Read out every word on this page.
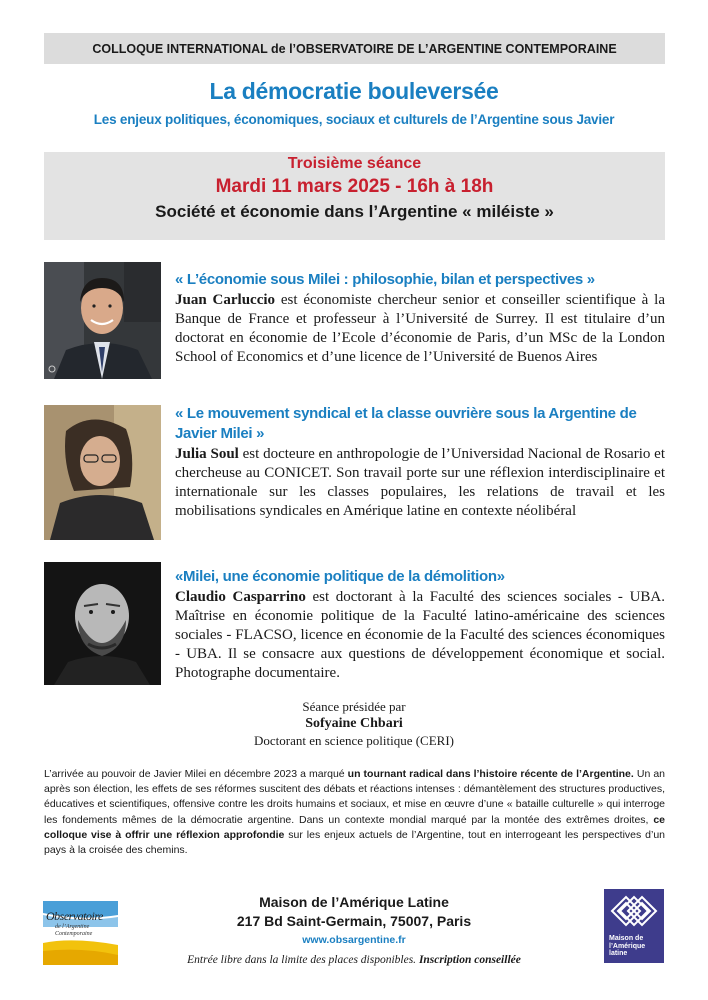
COLLOQUE INTERNATIONAL de l’OBSERVATOIRE DE L’ARGENTINE CONTEMPORAINE
La démocratie bouleversée
Les enjeux politiques, économiques, sociaux et culturels de l’Argentine sous Javier
Troisième séance
Mardi 11 mars 2025 - 16h à 18h
Société et économie dans l’Argentine « miléiste »
« L’économie sous Milei : philosophie, bilan et perspectives »
Juan Carluccio est économiste chercheur senior et conseiller scientifique à la Banque de France et professeur à l’Université de Surrey. Il est titulaire d’un doctorat en économie de l’Ecole d’économie de Paris, d’un MSc de la London School of Economics et d’une licence de l’Université de Buenos Aires
« Le mouvement syndical et la classe ouvrière sous la Argentine de Javier Milei »
Julia Soul est docteure en anthropologie de l’Universidad Nacional de Rosario et chercheuse au CONICET. Son travail porte sur une réflexion interdisciplinaire et internationale sur les classes populaires, les relations de travail et les mobilisations syndicales en Amérique latine en contexte néolibéral
«Milei, une économie politique de la démolition»
Claudio Casparrino est doctorant à la Faculté des sciences sociales - UBA. Maîtrise en économie politique de la Faculté latino-américaine des sciences sociales - FLACSO, licence en économie de la Faculté des sciences économiques - UBA. Il se consacre aux questions de développement économique et social. Photographe documentaire.
Séance présidée par
Sofyaine Chbari
Doctorant en science politique (CERI)
L’arrivée au pouvoir de Javier Milei en décembre 2023 a marqué un tournant radical dans l’histoire récente de l’Argentine. Un an après son élection, les effets de ses réformes suscitent des débats et réactions intenses : démantèlement des structures productives, éducatives et scientifiques, offensive contre les droits humains et sociaux, et mise en œuvre d’une « bataille culturelle » qui interroge les fondements mêmes de la démocratie argentine. Dans un contexte mondial marqué par la montée des extrêmes droites, ce colloque vise à offrir une réflexion approfondie sur les enjeux actuels de l’Argentine, tout en interrogeant les perspectives d’un pays à la croisée des chemins.
Observatoire
de l’Argentine
Contemporaine
Maison de l’Amérique Latine
217 Bd Saint-Germain, 75007, Paris
www.obsargentine.fr
Entrée libre dans la limite des places disponibles. Inscription conseillée
Maison de
l’Amérique
latine
